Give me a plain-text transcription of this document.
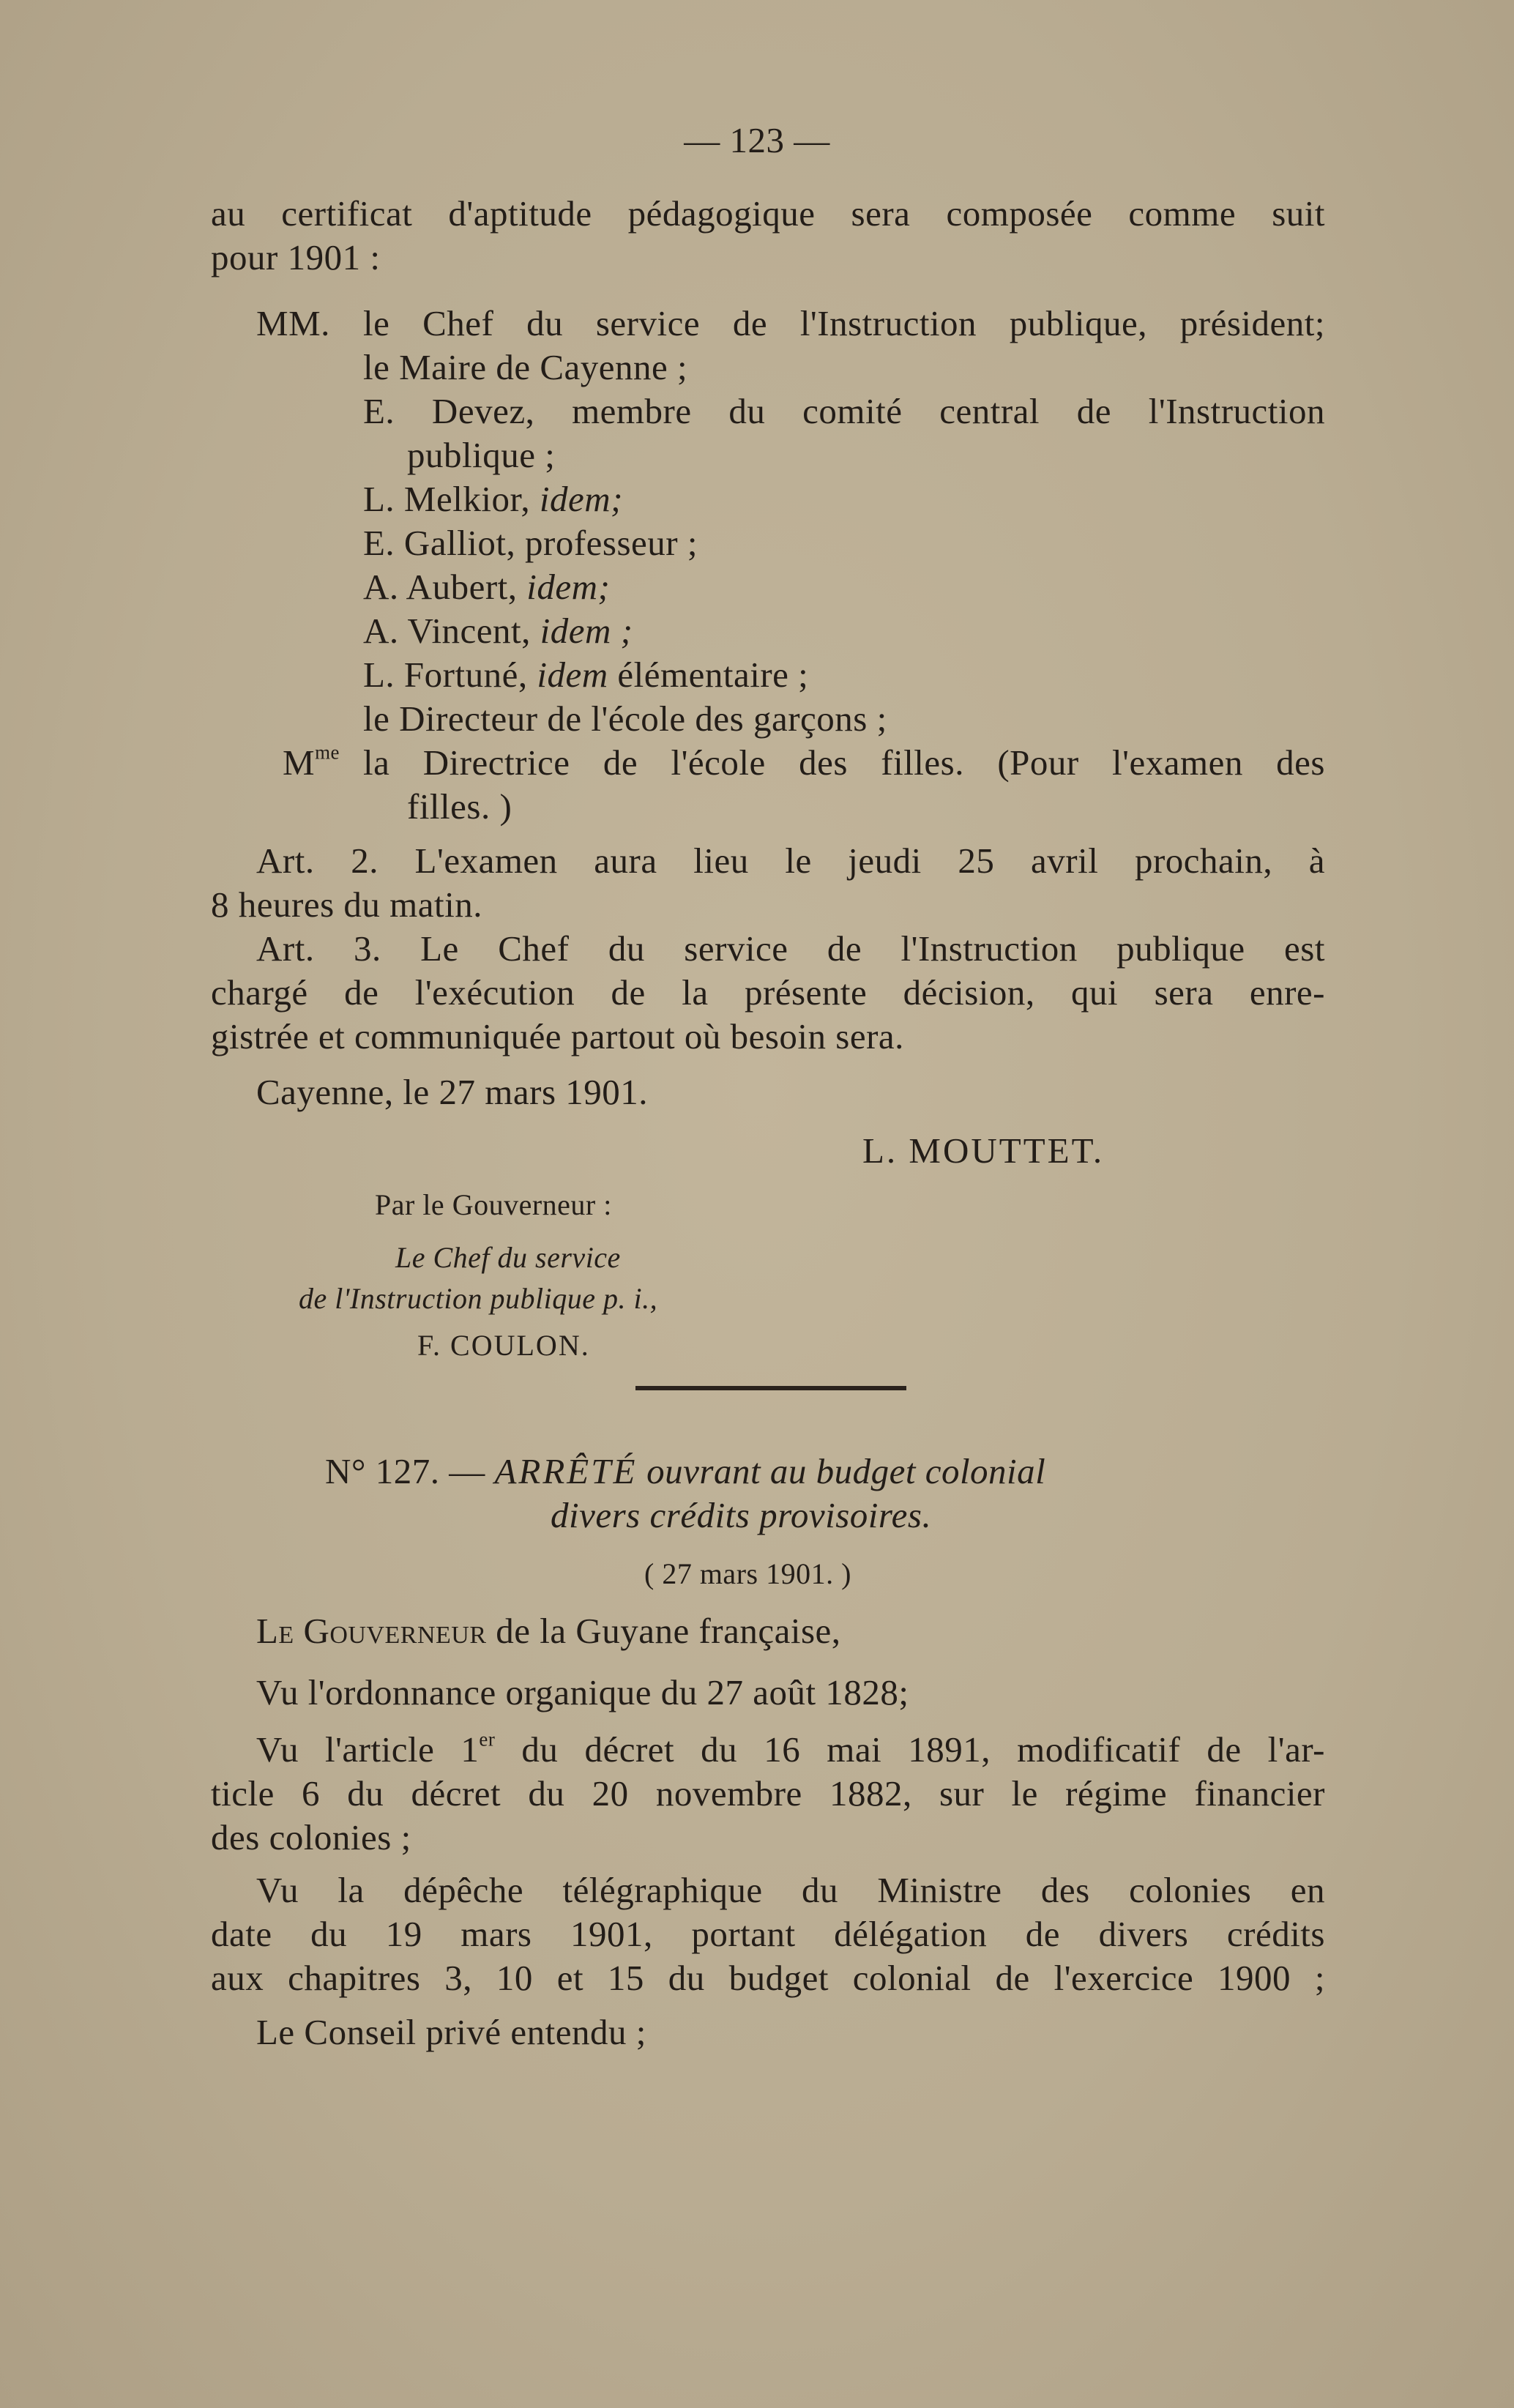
— 123 —
au certificat d'aptitude pédagogique sera composée comme suit
pour 1901 :
MM. le Chef du service de l'Instruction publique, président;
le Maire de Cayenne ;
E. Devez, membre du comité central de l'Instruction
publique ;
L. Melkior, idem;
E. Galliot, professeur ;
A. Aubert, idem;
A. Vincent, idem ;
L. Fortuné, idem élémentaire ;
le Directeur de l'école des garçons ;
$M^{me}$ la Directrice de l'école des filles. (Pour l'examen des
filles. )
Art. 2. L'examen aura lieu le jeudi 25 avril prochain, à
8 heures du matin.
Art. 3. Le Chef du service de l'Instruction publique est
chargé de l'exécution de la présente décision, qui sera enre-
gistrée et communiquée partout où besoin sera.
Cayenne, le 27 mars 1901.
L. MOUTTET.
Par le Gouverneur :
Le Chef du service
de l'Instruction publique p. i.,
F. COULON.
N° 127. — ARRÊTÉ ouvrant au budget colonial
divers crédits provisoires.
( 27 mars 1901. )
Le Gouverneur de la Guyane française,
Vu l'ordonnance organique du 27 août 1828;
Vu l'article 1er du décret du 16 mai 1891, modificatif de l'ar-
ticle 6 du décret du 20 novembre 1882, sur le régime financier
des colonies ;
Vu la dépêche télégraphique du Ministre des colonies en
date du 19 mars 1901, portant délégation de divers crédits
aux chapitres 3, 10 et 15 du budget colonial de l'exercice 1900 ;
Le Conseil privé entendu ;
